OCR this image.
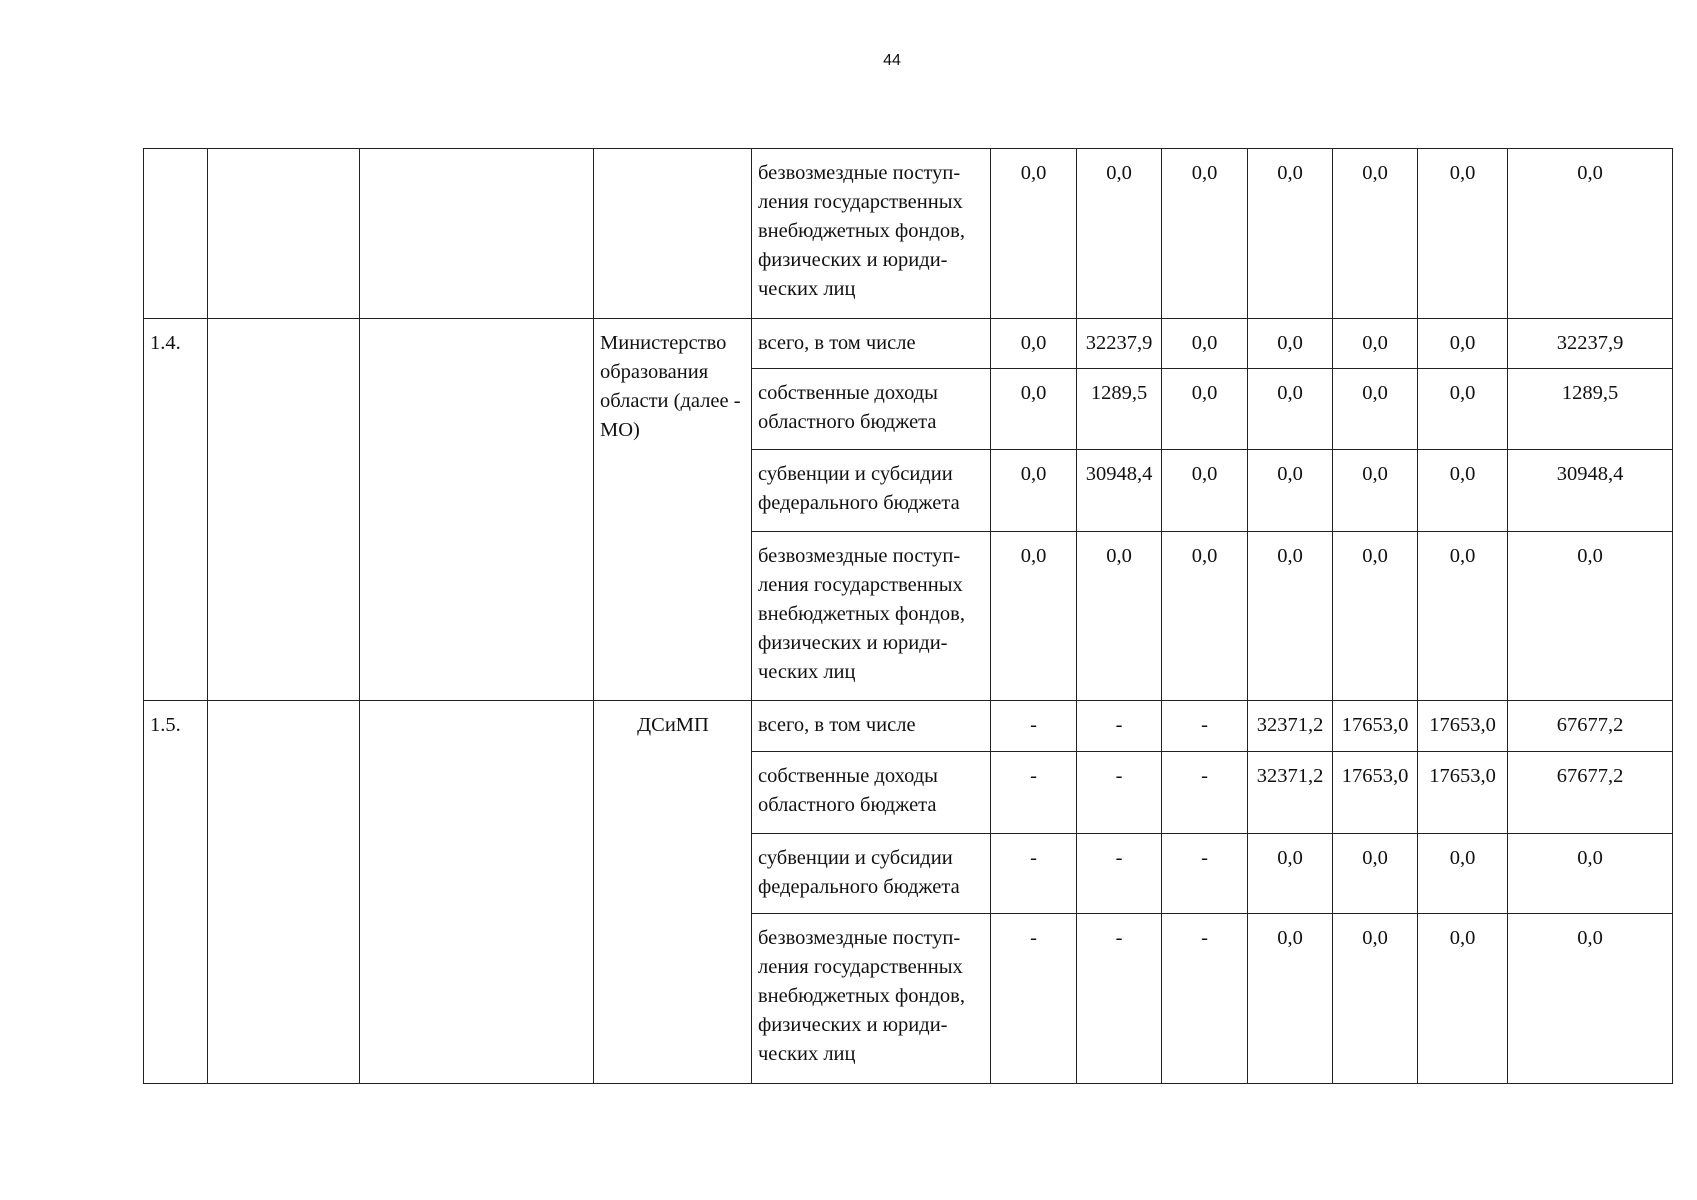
44
				безвозмездные поступ-ления государственных внебюджетных фондов, физических и юриди-ческих лиц	0,0	0,0	0,0	0,0	0,0	0,0	0,0
1.4.			Министерство образования области (далее - МО)	всего, в том числе	0,0	32237,9	0,0	0,0	0,0	0,0	32237,9
				собственные доходы областного бюджета	0,0	1289,5	0,0	0,0	0,0	0,0	1289,5
				субвенции и субсидии федерального бюджета	0,0	30948,4	0,0	0,0	0,0	0,0	30948,4
				безвозмездные поступ-ления государственных внебюджетных фондов, физических и юриди-ческих лиц	0,0	0,0	0,0	0,0	0,0	0,0	0,0
1.5.			ДСиМП	всего, в том числе	-	-	-	32371,2	17653,0	17653,0	67677,2
				собственные доходы областного бюджета	-	-	-	32371,2	17653,0	17653,0	67677,2
				субвенции и субсидии федерального бюджета	-	-	-	0,0	0,0	0,0	0,0
				безвозмездные поступ-ления государственных внебюджетных фондов, физических и юриди-ческих лиц	-	-	-	0,0	0,0	0,0	0,0
